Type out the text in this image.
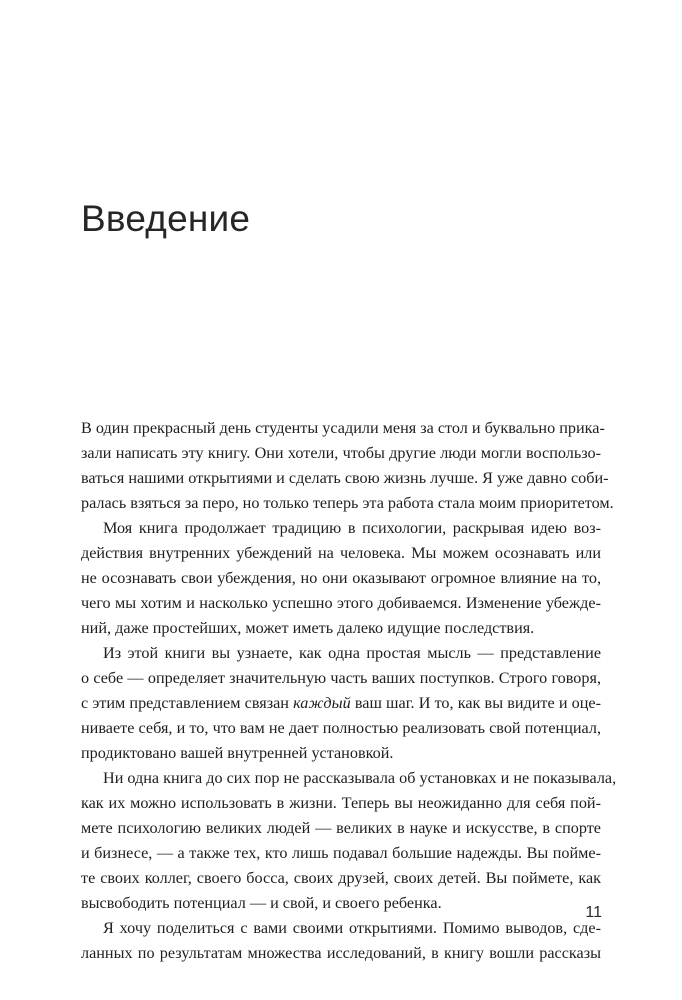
Введение
В один прекрасный день студенты усадили меня за стол и буквально прика-
зали написать эту книгу. Они хотели, чтобы другие люди могли воспользо-
ваться нашими открытиями и сделать свою жизнь лучше. Я уже давно соби-
ралась взяться за перо, но только теперь эта работа стала моим приоритетом.
Моя книга продолжает традицию в психологии, раскрывая идею воз-
действия внутренних убеждений на человека. Мы можем осознавать или
не осознавать свои убеждения, но они оказывают огромное влияние на то,
чего мы хотим и насколько успешно этого добиваемся. Изменение убежде-
ний, даже простейших, может иметь далеко идущие последствия.
Из этой книги вы узнаете, как одна простая мысль — представление
о себе — определяет значительную часть ваших поступков. Строго говоря,
с этим представлением связан каждый ваш шаг. И то, как вы видите и оце-
ниваете себя, и то, что вам не дает полностью реализовать свой потенциал,
продиктовано вашей внутренней установкой.
Ни одна книга до сих пор не рассказывала об установках и не показывала,
как их можно использовать в жизни. Теперь вы неожиданно для себя пой-
мете психологию великих людей — великих в науке и искусстве, в спорте
и бизнесе, — а также тех, кто лишь подавал большие надежды. Вы пойме-
те своих коллег, своего босса, своих друзей, своих детей. Вы поймете, как
высвободить потенциал — и свой, и своего ребенка.
Я хочу поделиться с вами своими открытиями. Помимо выводов, сде-
ланных по результатам множества исследований, в книгу вошли рассказы
11
